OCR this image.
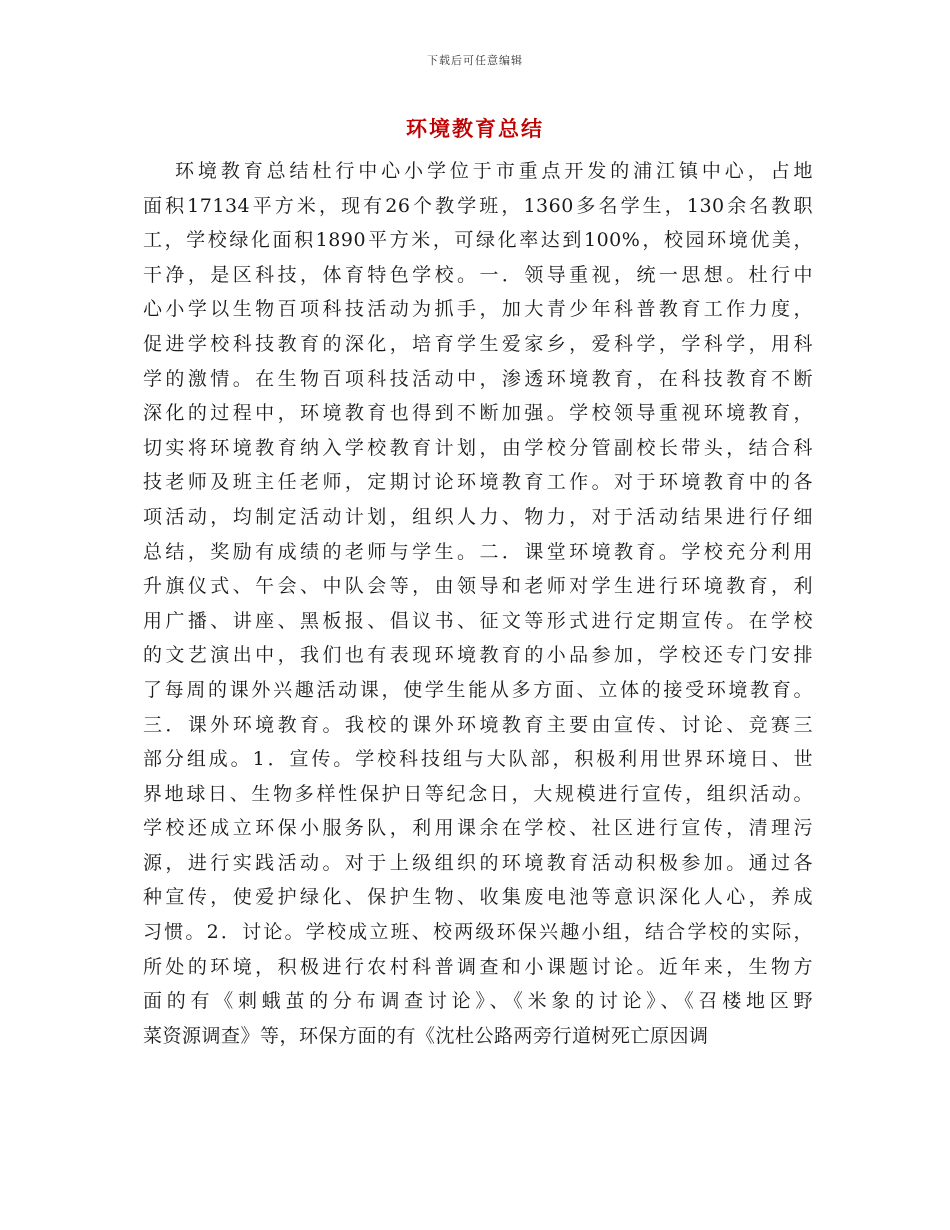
下载后可任意编辑
环境教育总结
环境教育总结杜行中心小学位于市重点开发的浦江镇中心，占地
面积17134平方米，现有26个教学班，1360多名学生，130余名教职
工，学校绿化面积1890平方米，可绿化率达到100%，校园环境优美，
干净，是区科技，体育特色学校。一．领导重视，统一思想。杜行中
心小学以生物百项科技活动为抓手，加大青少年科普教育工作力度，
促进学校科技教育的深化，培育学生爱家乡，爱科学，学科学，用科
学的激情。在生物百项科技活动中，渗透环境教育，在科技教育不断
深化的过程中，环境教育也得到不断加强。学校领导重视环境教育，
切实将环境教育纳入学校教育计划，由学校分管副校长带头，结合科
技老师及班主任老师，定期讨论环境教育工作。对于环境教育中的各
项活动，均制定活动计划，组织人力、物力，对于活动结果进行仔细
总结，奖励有成绩的老师与学生。二．课堂环境教育。学校充分利用
升旗仪式、午会、中队会等，由领导和老师对学生进行环境教育，利
用广播、讲座、黑板报、倡议书、征文等形式进行定期宣传。在学校
的文艺演出中，我们也有表现环境教育的小品参加，学校还专门安排
了每周的课外兴趣活动课，使学生能从多方面、立体的接受环境教育。
三．课外环境教育。我校的课外环境教育主要由宣传、讨论、竞赛三
部分组成。1．宣传。学校科技组与大队部，积极利用世界环境日、世
界地球日、生物多样性保护日等纪念日，大规模进行宣传，组织活动。
学校还成立环保小服务队，利用课余在学校、社区进行宣传，清理污
源，进行实践活动。对于上级组织的环境教育活动积极参加。通过各
种宣传，使爱护绿化、保护生物、收集废电池等意识深化人心，养成
习惯。2．讨论。学校成立班、校两级环保兴趣小组，结合学校的实际，
所处的环境，积极进行农村科普调查和小课题讨论。近年来，生物方
面的有《刺蛾茧的分布调查讨论》、《米象的讨论》、《召楼地区野
菜资源调查》等，环保方面的有《沈杜公路两旁行道树死亡原因调
